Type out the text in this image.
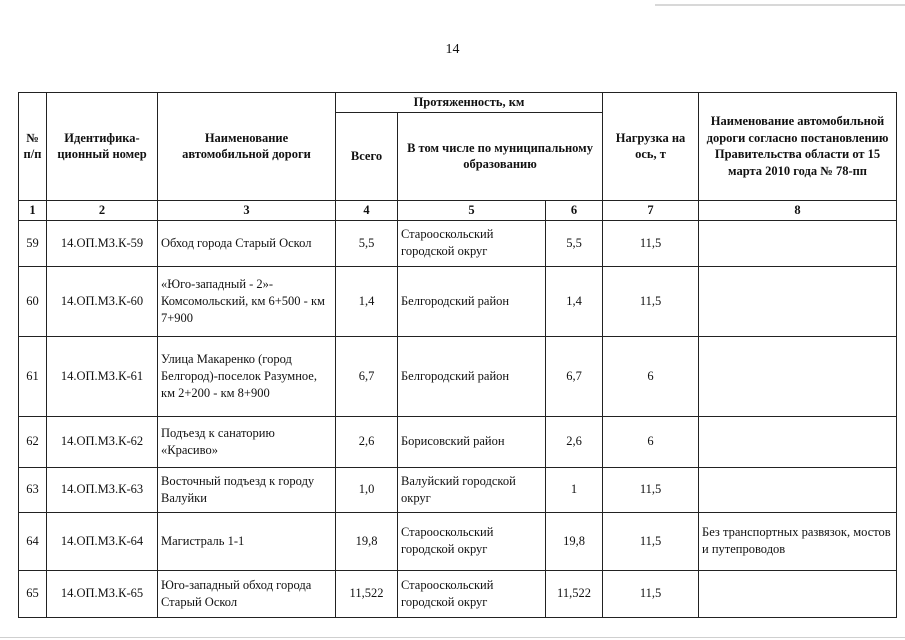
14
№ п/п	Идентифика-ционный номер	Наименование автомобильной дороги	Протяженность, км			Нагрузка на ось, т	Наименование автомобильной дороги согласно постановлению Правительства области от 15 марта 2010 года № 78-пп
			Всего	В том числе по муниципальному образованию			
1	2	3	4	5	6	7	8
59	14.ОП.МЗ.К-59	Обход города Старый Оскол	5,5	Старооскольский городской округ	5,5	11,5	
60	14.ОП.МЗ.К-60	«Юго-западный - 2»- Комсомольский, км 6+500 - км 7+900	1,4	Белгородский район	1,4	11,5	
61	14.ОП.МЗ.К-61	Улица Макаренко (город Белгород)-поселок Разумное, км 2+200 - км 8+900	6,7	Белгородский район	6,7	6	
62	14.ОП.МЗ.К-62	Подъезд к санаторию «Красиво»	2,6	Борисовский район	2,6	6	
63	14.ОП.МЗ.К-63	Восточный подъезд к городу Валуйки	1,0	Валуйский городской округ	1	11,5	
64	14.ОП.МЗ.К-64	Магистраль 1-1	19,8	Старооскольский городской округ	19,8	11,5	Без транспортных развязок, мостов и путепроводов
65	14.ОП.МЗ.К-65	Юго-западный обход города Старый Оскол	11,522	Старооскольский городской округ	11,522	11,5	
